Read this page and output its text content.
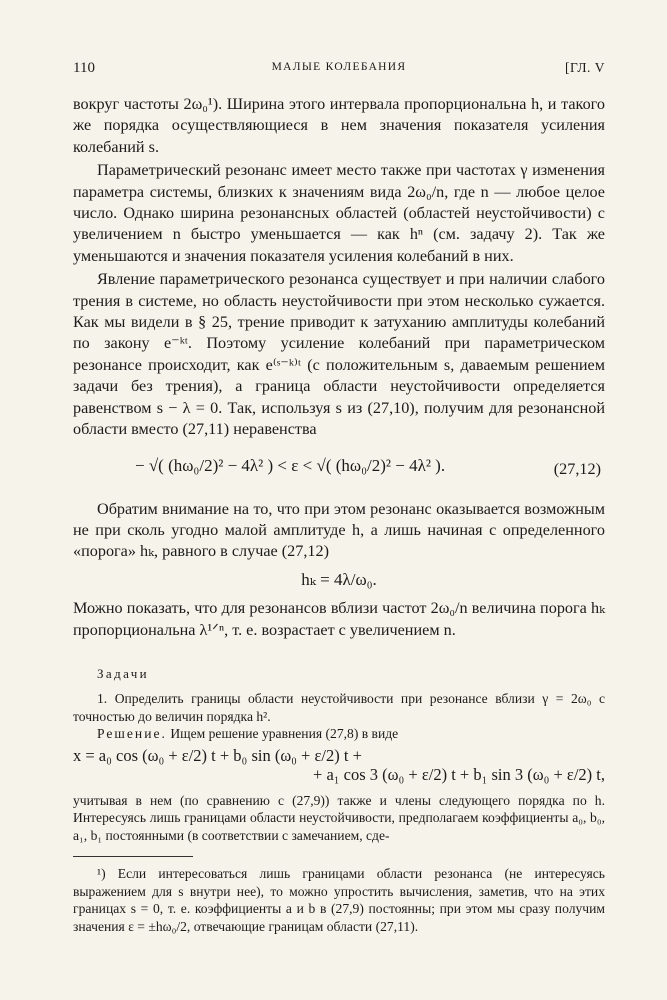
110	МАЛЫЕ КОЛЕБАНИЯ	[ГЛ. V

вокруг частоты 2ω₀¹). Ширина этого интервала пропорциональна h, и такого же порядка осуществляющиеся в нем значения показателя усиления колебаний s.

Параметрический резонанс имеет место также при частотах γ изменения параметра системы, близких к значениям вида 2ω₀/n, где n — любое целое число. Однако ширина резонансных областей (областей неустойчивости) с увеличением n быстро уменьшается — как hⁿ (см. задачу 2). Так же уменьшаются и значения показателя усиления колебаний в них.

Явление параметрического резонанса существует и при наличии слабого трения в системе, но область неустойчивости при этом несколько сужается. Как мы видели в § 25, трение приводит к затуханию амплитуды колебаний по закону e⁻ᵏᵗ. Поэтому усиление колебаний при параметрическом резонансе происходит, как e⁽ˢ⁻ᵏ⁾ᵗ (с положительным s, даваемым решением задачи без трения), а граница области неустойчивости определяется равенством s − λ = 0. Так, используя s из (27,10), получим для резонансной области вместо (27,11) неравенства

− √( (hω₀/2)² − 4λ² ) < ε < √( (hω₀/2)² − 4λ² ).	(27,12)

Обратим внимание на то, что при этом резонанс оказывается возможным не при сколь угодно малой амплитуде h, а лишь начиная с определенного «порога» hₖ, равного в случае (27,12)

hₖ = 4λ/ω₀.

Можно показать, что для резонансов вблизи частот 2ω₀/n величина порога hₖ пропорциональна λ¹ᐟⁿ, т. е. возрастает с увеличением n.

Задачи

1. Определить границы области неустойчивости при резонансе вблизи γ = 2ω₀ с точностью до величин порядка h².

Решение. Ищем решение уравнения (27,8) в виде

x = a₀ cos (ω₀ + ε/2) t + b₀ sin (ω₀ + ε/2) t +
+ a₁ cos 3 (ω₀ + ε/2) t + b₁ sin 3 (ω₀ + ε/2) t,

учитывая в нем (по сравнению с (27,9)) также и члены следующего порядка по h. Интересуясь лишь границами области неустойчивости, предполагаем коэффициенты a₀, b₀, a₁, b₁ постоянными (в соответствии с замечанием, сде-

¹) Если интересоваться лишь границами области резонанса (не интересуясь выражением для s внутри нее), то можно упростить вычисления, заметив, что на этих границах s = 0, т. е. коэффициенты a и b в (27,9) постоянны; при этом мы сразу получим значения ε = ±hω₀/2, отвечающие границам области (27,11).
